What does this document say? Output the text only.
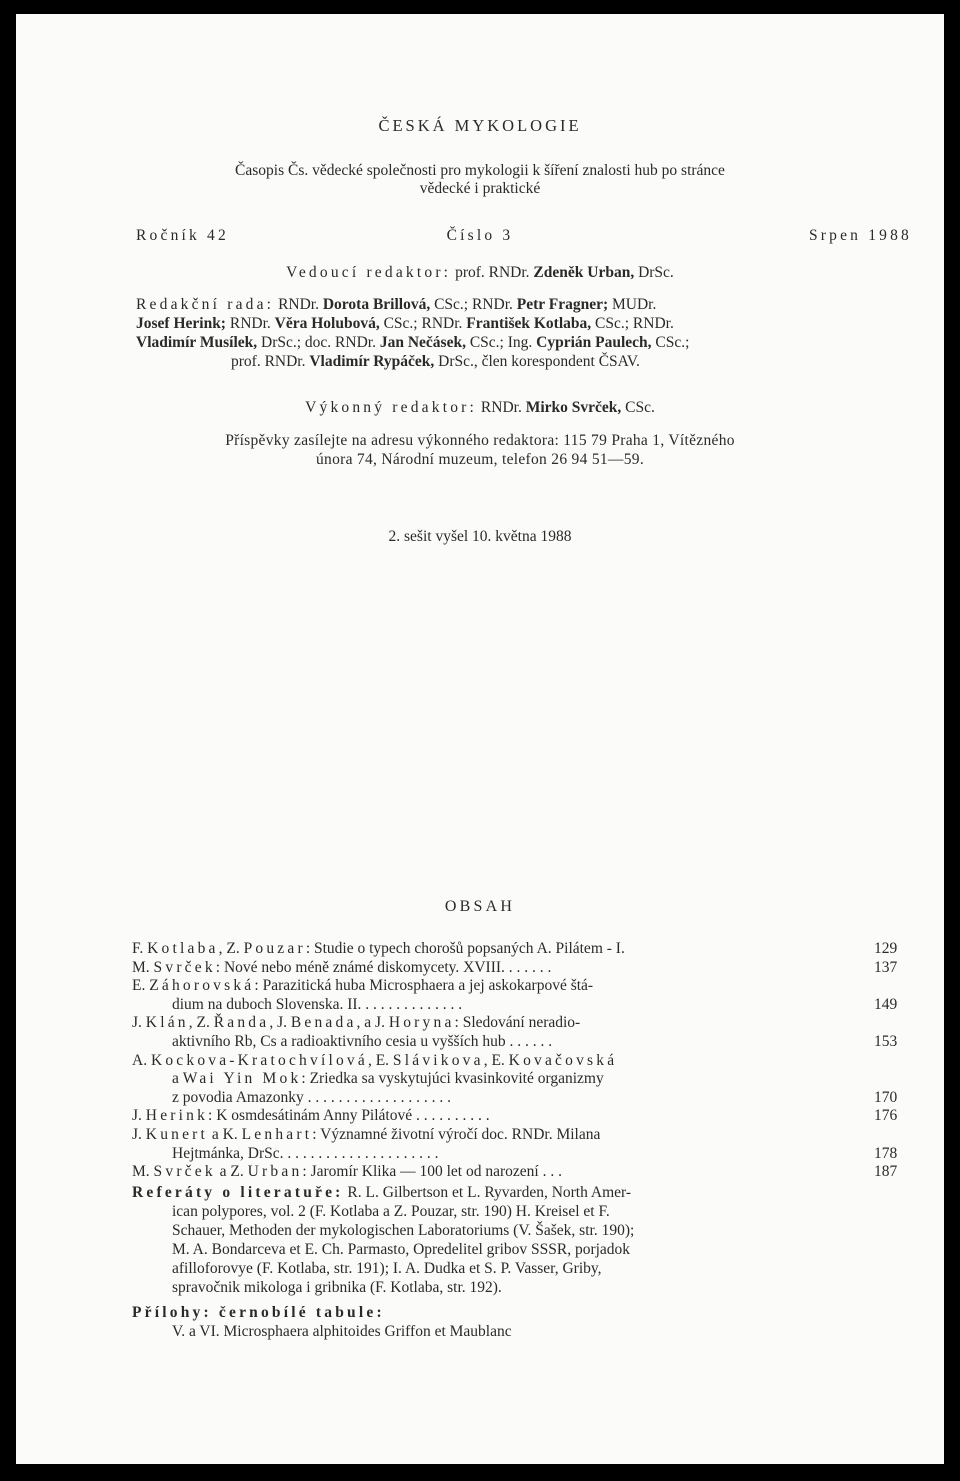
ČESKÁ MYKOLOGIE
Časopis Čs. vědecké společnosti pro mykologii k šíření znalosti hub po stránce
vědecké i praktické
Ročník 42	Číslo 3	Srpen 1988
Vedoucí redaktor: prof. RNDr. Zdeněk Urban, DrSc.
Redakční rada: RNDr. Dorota Brillová, CSc.; RNDr. Petr Fragner; MUDr.
Josef Herink; RNDr. Věra Holubová, CSc.; RNDr. František Kotlaba, CSc.; RNDr.
Vladimír Musílek, DrSc.; doc. RNDr. Jan Nečásek, CSc.; Ing. Cyprián Paulech, CSc.;
prof. RNDr. Vladimír Rypáček, DrSc., člen korespondent ČSAV.
Výkonný redaktor: RNDr. Mirko Svrček, CSc.
Příspěvky zasílejte na adresu výkonného redaktora: 115 79 Praha 1, Vítězného
února 74, Národní muzeum, telefon 26 94 51—59.
2. sešit vyšel 10. května 1988
OBSAH
F. Kotlaba, Z. Pouzar: Studie o typech chorošů popsaných A. Pilátem - I.	129
M. Svrček: Nové nebo méně známé diskomycety. XVIII. . . . . . .	137
E. Záhorovská: Parazitická huba Microsphaera a jej askokarpové štá-
dium na duboch Slovenska. II. . . . . . . . . . . . . .	149
J. Klán, Z. Řanda, J. Benada, a J. Horyna: Sledování neradio-
aktivního Rb, Cs a radioaktivního cesia u vyšších hub . . . . . .	153
A. Kockova-Kratochvílová, E. Slávikova, E. Kovačovská
a Wai Yin Mok: Zriedka sa vyskytujúci kvasinkovité organizmy
z povodia Amazonky . . . . . . . . . . . . . . . . . . .	170
J. Herink: K osmdesátinám Anny Pilátové . . . . . . . . . .	176
J. Kunert a K. Lenhart: Významné životní výročí doc. RNDr. Milana
Hejtmánka, DrSc. . . . . . . . . . . . . . . . . . . . .	178
M. Svrček a Z. Urban: Jaromír Klika — 100 let od narození . . .	187
Referáty o literatuře: R. L. Gilbertson et L. Ryvarden, North Amer-
ican polypores, vol. 2 (F. Kotlaba a Z. Pouzar, str. 190) H. Kreisel et F.
Schauer, Methoden der mykologischen Laboratoriums (V. Šašek, str. 190);
M. A. Bondarceva et E. Ch. Parmasto, Opredelitel gribov SSSR, porjadok
afilloforovye (F. Kotlaba, str. 191); I. A. Dudka et S. P. Vasser, Griby,
spravočnik mikologa i gribnika (F. Kotlaba, str. 192).
Přílohy: černobílé tabule:
V. a VI. Microsphaera alphitoides Griffon et Maublanc
